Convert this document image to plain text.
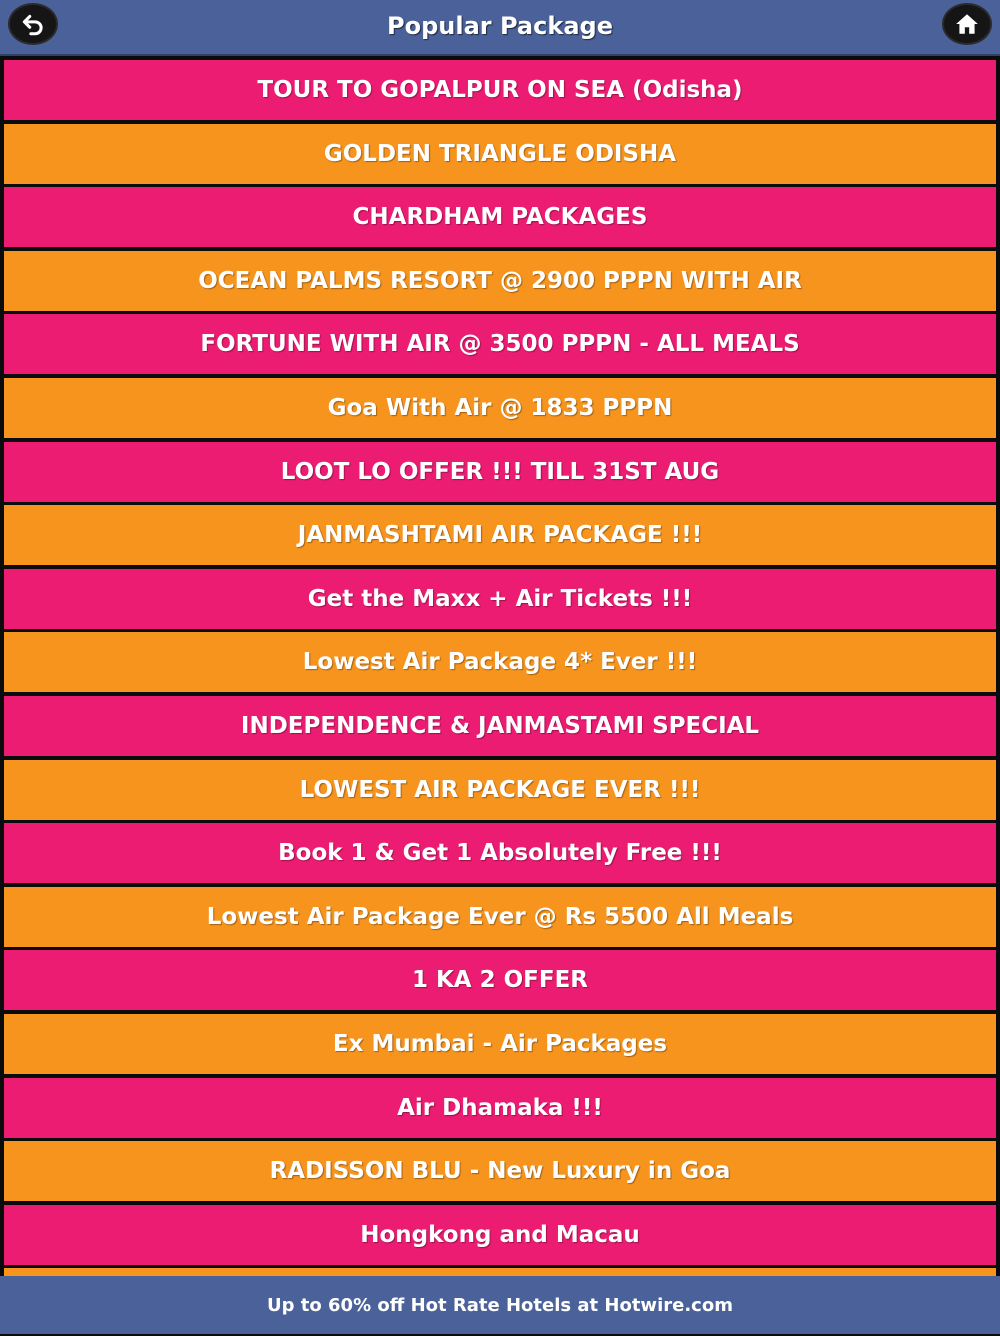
Popular Package
TOUR TO GOPALPUR ON SEA (Odisha)
GOLDEN TRIANGLE ODISHA
CHARDHAM PACKAGES
OCEAN PALMS RESORT @ 2900 PPPN WITH AIR
FORTUNE WITH AIR @ 3500 PPPN - ALL MEALS
Goa With Air @ 1833 PPPN
LOOT LO OFFER !!! TILL 31ST AUG
JANMASHTAMI AIR PACKAGE !!!
Get the Maxx + Air Tickets !!!
Lowest Air Package 4* Ever !!!
INDEPENDENCE & JANMASTAMI SPECIAL
LOWEST AIR PACKAGE EVER !!!
Book 1 & Get 1 Absolutely Free !!!
Lowest Air Package Ever @ Rs 5500 All Meals
1 KA 2 OFFER
Ex Mumbai - Air Packages
Air Dhamaka !!!
RADISSON BLU - New Luxury in Goa
Hongkong and Macau
Up to 60% off Hot Rate Hotels at Hotwire.com
